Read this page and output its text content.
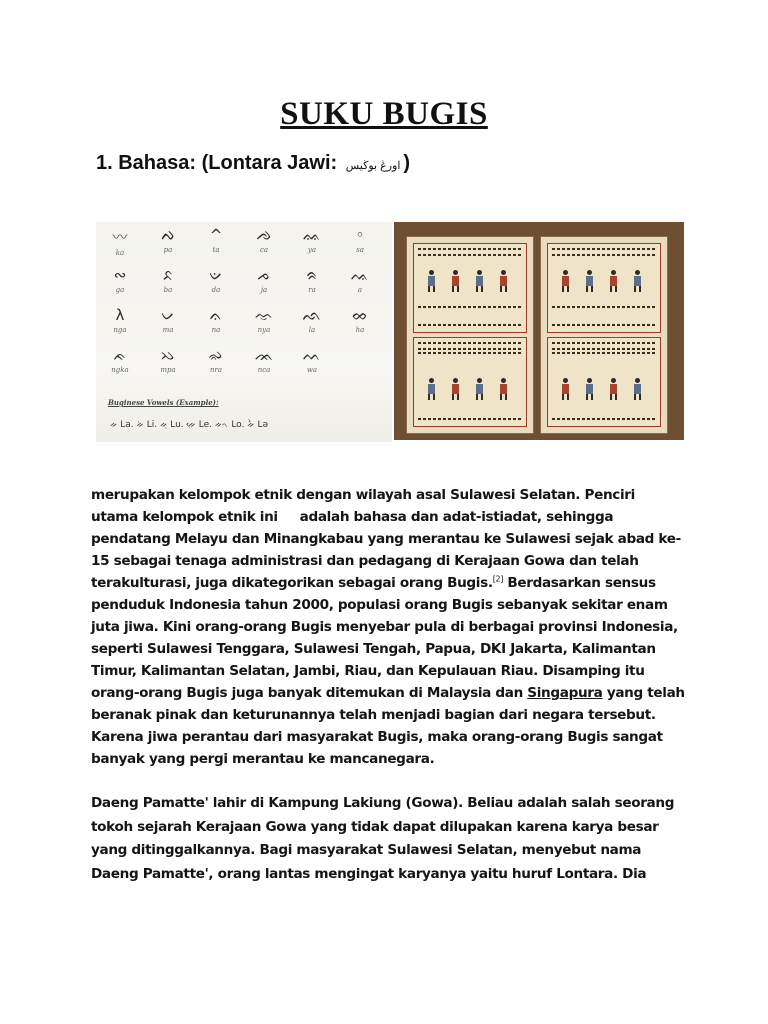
SUKU BUGIS
1. Bahasa: (Lontara Jawi: اورڠ بوڬيس )
Buginese Vowels (Example):
ᨀ La. ᨀᨗ Li. ᨀᨘ Lu. ᨀᨙ Le. ᨀᨚ Lo. ᨀᨛ Lə
〰
ka
ᨄ
pa
^
ta
ᨌ
ca
ᨐ
ya
◦
sa
∾
ga
ᨅ
ba
ᨉ
da
ᨍ
ja
ᨑ
ra
ᨕ
a
λ
nga
ᨆ
ma
ᨊ
na
ᨎ
nya
ᨒ
la
ᨖ
ha
ᨃ
ngka
ᨇ
mpa
ᨋ
nra
ᨏ
nca
ᨓ
wa
merupakan kelompok etnik dengan wilayah asal Sulawesi Selatan. Penciri
utama kelompok etnik ini     adalah bahasa dan adat-istiadat, sehingga
pendatang Melayu dan Minangkabau yang merantau ke Sulawesi sejak abad ke-
15 sebagai tenaga administrasi dan pedagang di Kerajaan Gowa dan telah
terakulturasi, juga dikategorikan sebagai orang Bugis.[2] Berdasarkan sensus
penduduk Indonesia tahun 2000, populasi orang Bugis sebanyak sekitar enam
juta jiwa. Kini orang-orang Bugis menyebar pula di berbagai provinsi Indonesia,
seperti Sulawesi Tenggara, Sulawesi Tengah, Papua, DKI Jakarta, Kalimantan
Timur, Kalimantan Selatan, Jambi, Riau, dan Kepulauan Riau. Disamping itu
orang-orang Bugis juga banyak ditemukan di Malaysia dan Singapura yang telah
beranak pinak dan keturunannya telah menjadi bagian dari negara tersebut.
Karena jiwa perantau dari masyarakat Bugis, maka orang-orang Bugis sangat
banyak yang pergi merantau ke mancanegara.
Daeng Pamatte' lahir di Kampung Lakiung (Gowa). Beliau adalah salah seorang
tokoh sejarah Kerajaan Gowa yang tidak dapat dilupakan karena karya besar
yang ditinggalkannya. Bagi masyarakat Sulawesi Selatan, menyebut nama
Daeng Pamatte', orang lantas mengingat karyanya yaitu huruf Lontara. Dia
